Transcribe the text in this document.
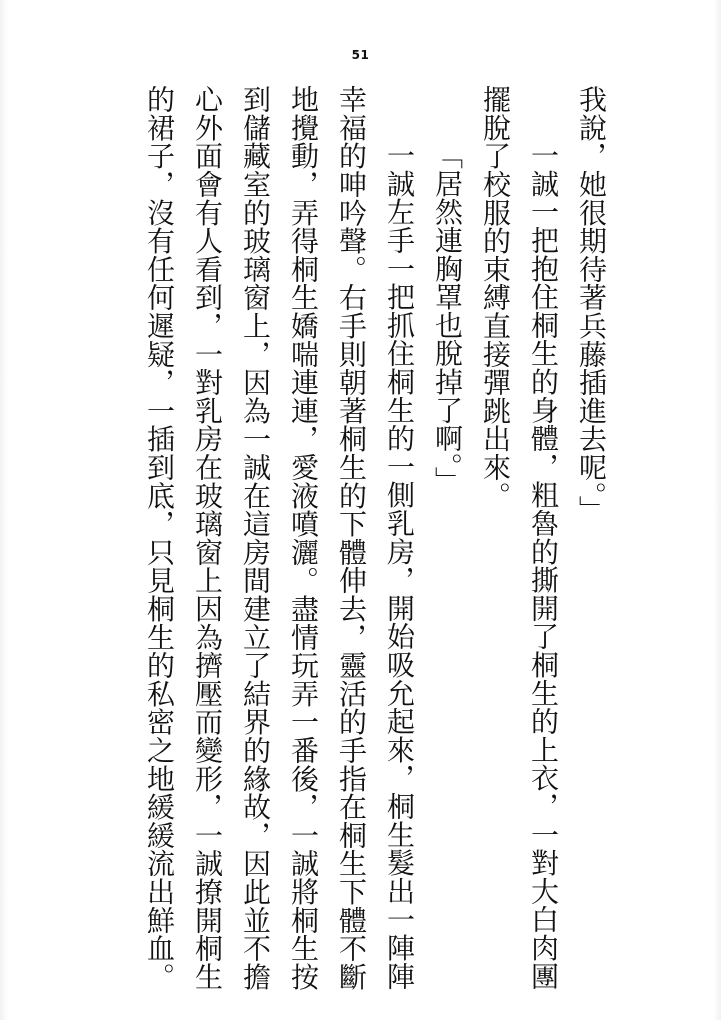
51
我說，她很期待著兵藤插進去呢。」
一誠一把抱住桐生的身體，粗魯的撕開了桐生的上衣，一對大白肉團
擺脫了校服的束縛直接彈跳出來。
「居然連胸罩也脫掉了啊。」
一誠左手一把抓住桐生的一側乳房，開始吸允起來，桐生髮出一陣陣
幸福的呻吟聲。右手則朝著桐生的下體伸去，靈活的手指在桐生下體不斷
地攪動，弄得桐生嬌喘連連，愛液噴灑。盡情玩弄一番後，一誠將桐生按
到儲藏室的玻璃窗上，因為一誠在這房間建立了結界的緣故，因此並不擔
心外面會有人看到，一對乳房在玻璃窗上因為擠壓而變形，一誠撩開桐生
的裙子，沒有任何遲疑，一插到底，只見桐生的私密之地緩緩流出鮮血。
